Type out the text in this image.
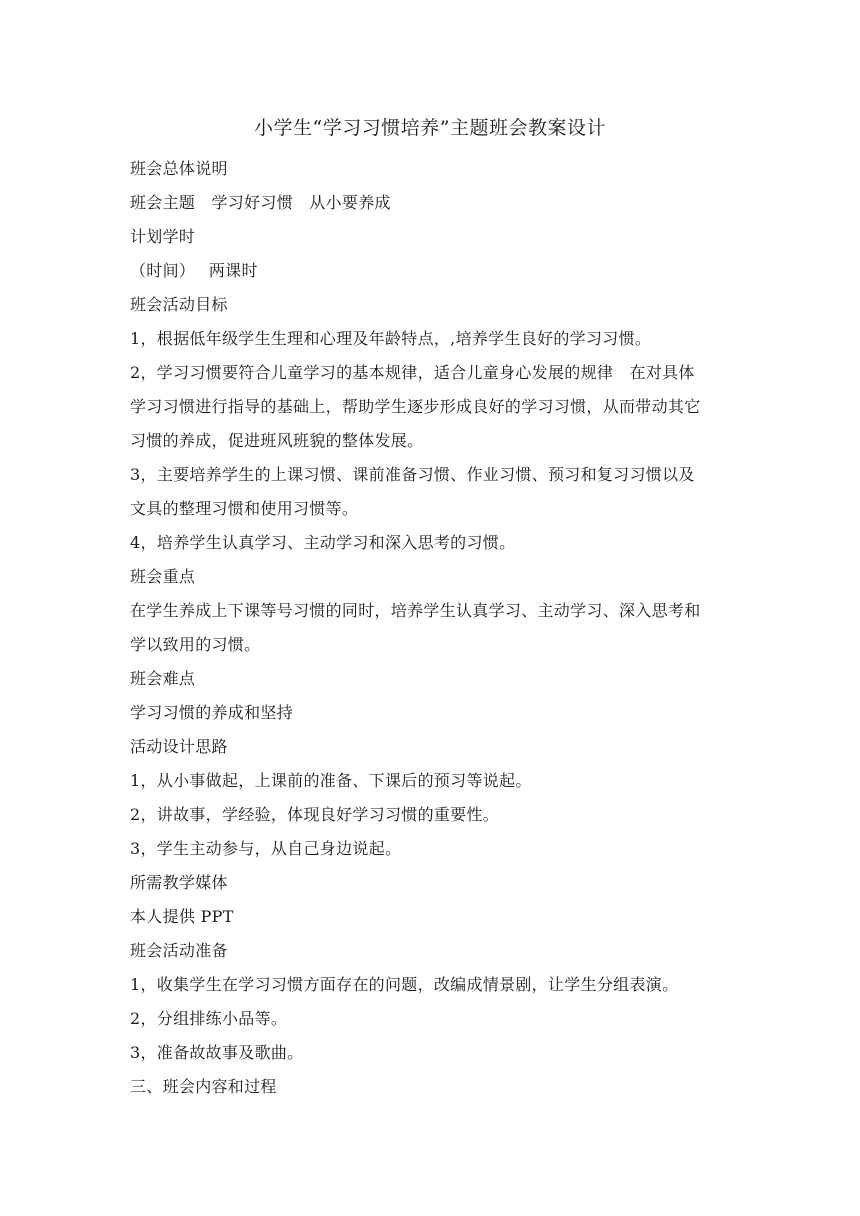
小学生“学习习惯培养”主题班会教案设计
班会总体说明
班会主题　学习好习惯　从小要养成
计划学时
（时间）　 两课时
班会活动目标
1，根据低年级学生生理和心理及年龄特点，,培养学生良好的学习习惯。
2，学习习惯要符合儿童学习的基本规律，适合儿童身心发展的规律　在对具体
学习习惯进行指导的基础上，帮助学生逐步形成良好的学习习惯，从而带动其它
习惯的养成，促进班风班貌的整体发展。
3，主要培养学生的上课习惯、课前准备习惯、作业习惯、预习和复习习惯以及
文具的整理习惯和使用习惯等。
4，培养学生认真学习、主动学习和深入思考的习惯。
班会重点
在学生养成上下课等号习惯的同时，培养学生认真学习、主动学习、深入思考和
学以致用的习惯。
班会难点
学习习惯的养成和坚持
活动设计思路
1，从小事做起，上课前的准备、下课后的预习等说起。
2，讲故事，学经验，体现良好学习习惯的重要性。
3，学生主动参与，从自己身边说起。
所需教学媒体
本人提供 PPT
班会活动准备
1，收集学生在学习习惯方面存在的问题，改编成情景剧，让学生分组表演。
2，分组排练小品等。
3，准备故故事及歌曲。
三、班会内容和过程
